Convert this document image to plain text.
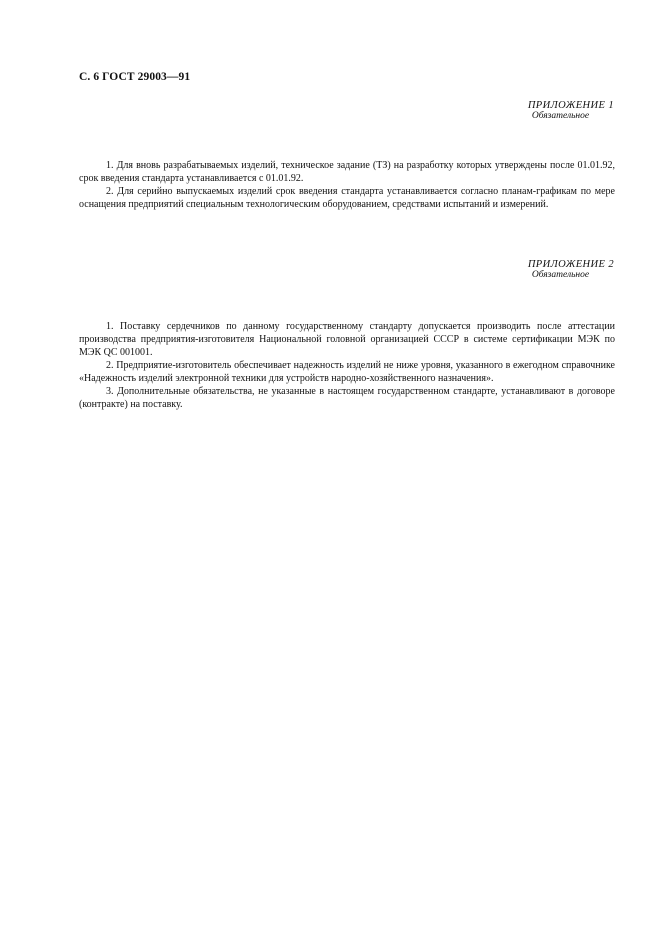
С. 6 ГОСТ 29003—91
ПРИЛОЖЕНИЕ 1
Обязательное

1. Для вновь разрабатываемых изделий, техническое задание (ТЗ) на разработку которых утверждены после 01.01.92, срок введения стандарта устанавливается с 01.01.92.

2. Для серийно выпускаемых изделий срок введения стандарта устанавливается согласно планам-графикам по мере оснащения предприятий специальным технологическим оборудованием, средствами испытаний и измерений.

ПРИЛОЖЕНИЕ 2
Обязательное

1. Поставку сердечников по данному государственному стандарту допускается производить после аттестации производства предприятия-изготовителя Национальной головной организацией СССР в системе сертификации МЭК по МЭК QC 001001.

2. Предприятие-изготовитель обеспечивает надежность изделий не ниже уровня, указанного в ежегодном справочнике «Надежность изделий электронной техники для устройств народно-хозяйственного назначения».

3. Дополнительные обязательства, не указанные в настоящем государственном стандарте, устанавливают в договоре (контракте) на поставку.
